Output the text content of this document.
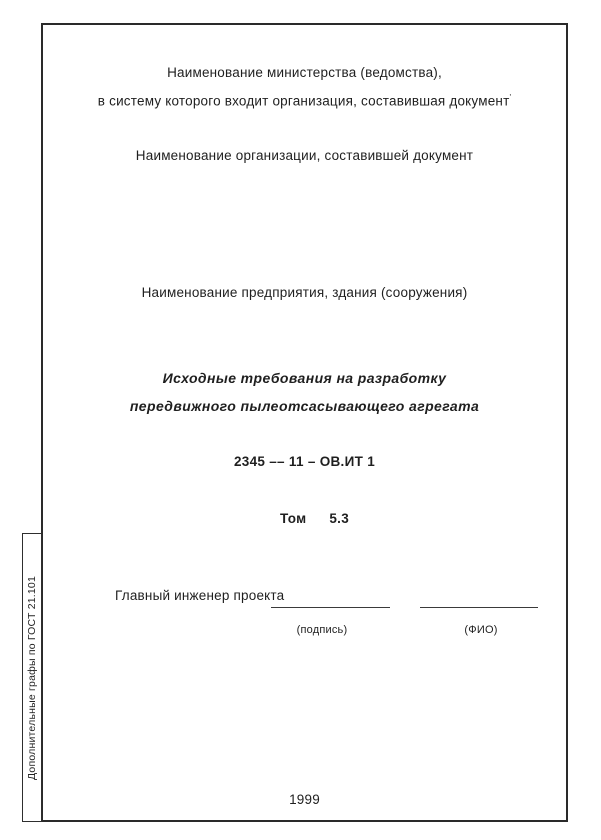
Дополнительные графы по ГОСТ 21.101
Наименование министерства (ведомства),
в систему которого входит организация, составившая документ'
Наименование организации, составившей документ
Наименование предприятия, здания (сооружения)
Исходные требования на разработку
передвижного пылеотсасывающего агрегата
2345 –– 11 – ОВ.ИТ 1
Том 5.3
Главный инженер проекта
(подпись)	(ФИО)
1999
